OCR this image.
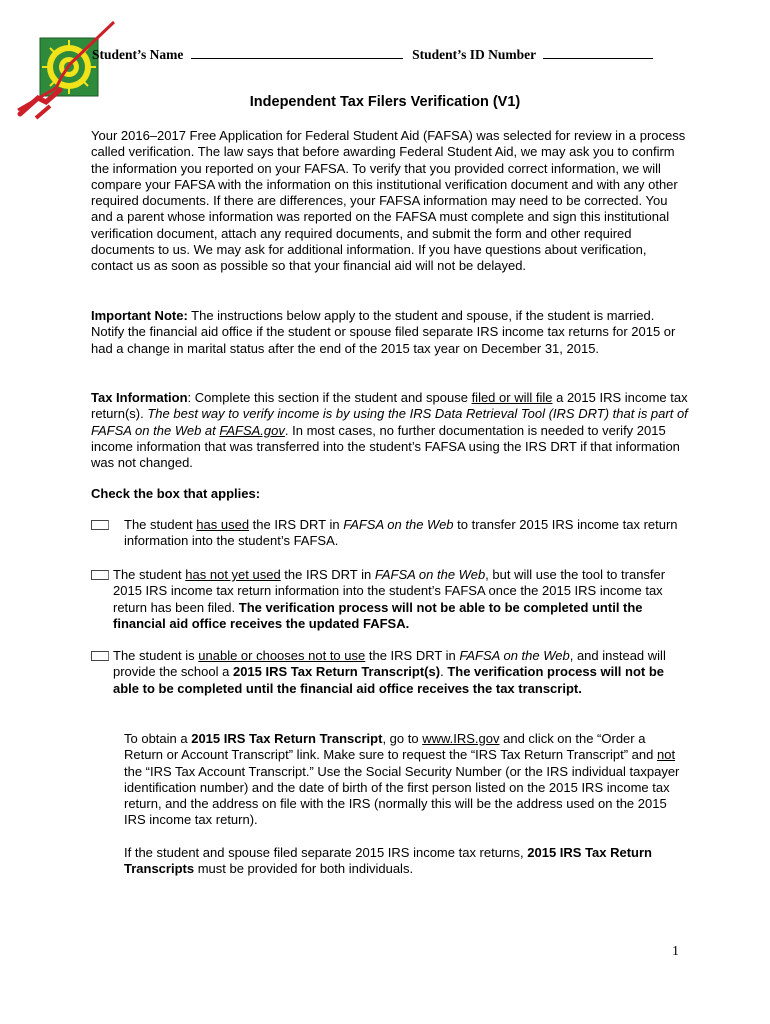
Student’s Name	Student’s ID Number
Independent Tax Filers Verification (V1)
Your 2016–2017 Free Application for Federal Student Aid (FAFSA) was selected for review in a process called verification. The law says that before awarding Federal Student Aid, we may ask you to confirm the information you reported on your FAFSA. To verify that you provided correct information, we will compare your FAFSA with the information on this institutional verification document and with any other required documents. If there are differences, your FAFSA information may need to be corrected. You and a parent whose information was reported on the FAFSA must complete and sign this institutional verification document, attach any required documents, and submit the form and other required documents to us. We may ask for additional information. If you have questions about verification, contact us as soon as possible so that your financial aid will not be delayed.
Important Note: The instructions below apply to the student and spouse, if the student is married. Notify the financial aid office if the student or spouse filed separate IRS income tax returns for 2015 or had a change in marital status after the end of the 2015 tax year on December 31, 2015.
Tax Information: Complete this section if the student and spouse filed or will file a 2015 IRS income tax return(s). The best way to verify income is by using the IRS Data Retrieval Tool (IRS DRT) that is part of FAFSA on the Web at FAFSA.gov. In most cases, no further documentation is needed to verify 2015 income information that was transferred into the student’s FAFSA using the IRS DRT if that information was not changed.
Check the box that applies:
The student has used the IRS DRT in FAFSA on the Web to transfer 2015 IRS income tax return information into the student’s FAFSA.
The student has not yet used the IRS DRT in FAFSA on the Web, but will use the tool to transfer 2015 IRS income tax return information into the student’s FAFSA once the 2015 IRS income tax return has been filed. The verification process will not be able to be completed until the financial aid office receives the updated FAFSA.
The student is unable or chooses not to use the IRS DRT in FAFSA on the Web, and instead will provide the school a 2015 IRS Tax Return Transcript(s). The verification process will not be able to be completed until the financial aid office receives the tax transcript.
To obtain a 2015 IRS Tax Return Transcript, go to www.IRS.gov and click on the “Order a Return or Account Transcript” link. Make sure to request the “IRS Tax Return Transcript” and not the “IRS Tax Account Transcript.” Use the Social Security Number (or the IRS individual taxpayer identification number) and the date of birth of the first person listed on the 2015 IRS income tax return, and the address on file with the IRS (normally this will be the address used on the 2015 IRS income tax return).
If the student and spouse filed separate 2015 IRS income tax returns, 2015 IRS Tax Return Transcripts must be provided for both individuals.
1
